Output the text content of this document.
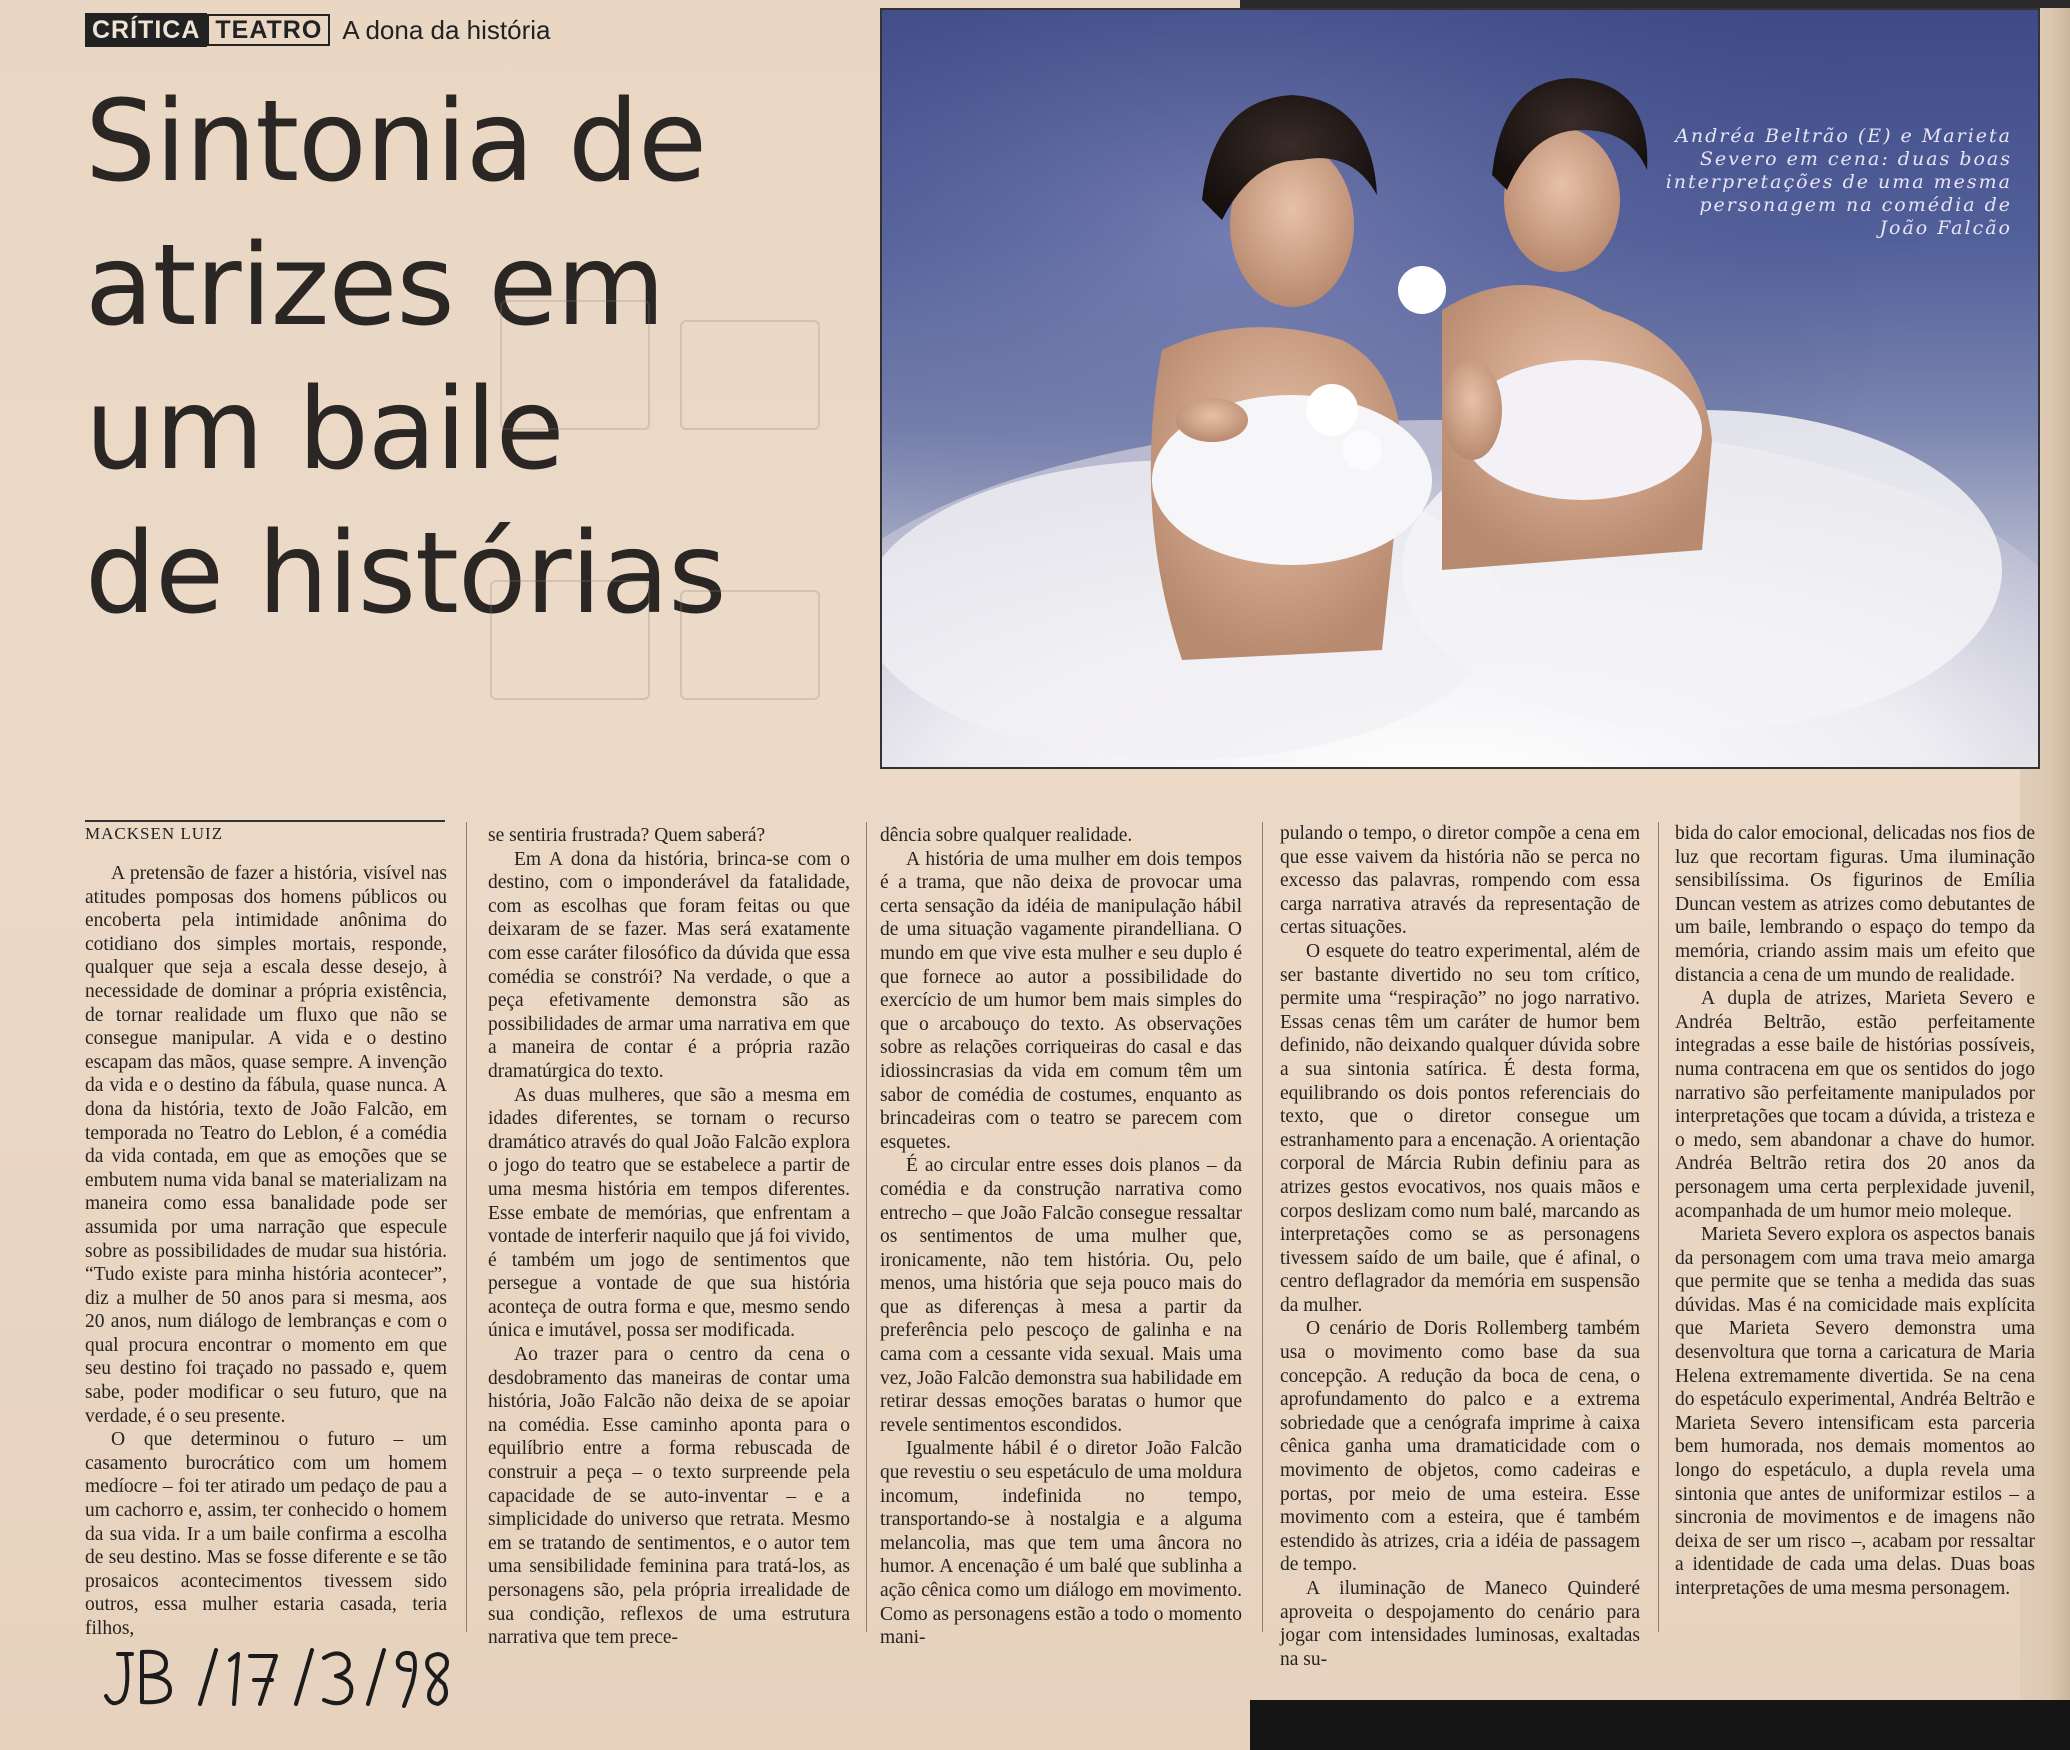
CRÍTICA TEATRO A dona da história
Sintonia de
atrizes em
um baile
de histórias
Andréa Beltrão (E) e Marieta Severo em cena: duas boas interpretações de uma mesma personagem na comédia de João Falcão
MACKSEN LUIZ

A pretensão de fazer a história, visível nas atitudes pomposas dos homens públicos ou encoberta pela intimidade anônima do cotidiano dos simples mortais, responde, qualquer que seja a escala desse desejo, à necessidade de dominar a própria existência, de tornar realidade um fluxo que não se consegue manipular. A vida e o destino escapam das mãos, quase sempre. A invenção da vida e o destino da fábula, quase nunca. A dona da história, texto de João Falcão, em temporada no Teatro do Leblon, é a comédia da vida contada, em que as emoções que se embutem numa vida banal se materializam na maneira como essa banalidade pode ser assumida por uma narração que especule sobre as possibilidades de mudar sua história. “Tudo existe para minha história acontecer”, diz a mulher de 50 anos para si mesma, aos 20 anos, num diálogo de lembranças e com o qual procura encontrar o momento em que seu destino foi traçado no passado e, quem sabe, poder modificar o seu futuro, que na verdade, é o seu presente.

O que determinou o futuro – um casamento burocrático com um homem medíocre – foi ter atirado um pedaço de pau a um cachorro e, assim, ter conhecido o homem da sua vida. Ir a um baile confirma a escolha de seu destino. Mas se fosse diferente e se tão prosaicos acontecimentos tivessem sido outros, essa mulher estaria casada, teria filhos,

se sentiria frustrada? Quem saberá?

Em A dona da história, brinca-se com o destino, com o imponderável da fatalidade, com as escolhas que foram feitas ou que deixaram de se fazer. Mas será exatamente com esse caráter filosófico da dúvida que essa comédia se constrói? Na verdade, o que a peça efetivamente demonstra são as possibilidades de armar uma narrativa em que a maneira de contar é a própria razão dramatúrgica do texto.

As duas mulheres, que são a mesma em idades diferentes, se tornam o recurso dramático através do qual João Falcão explora o jogo do teatro que se estabelece a partir de uma mesma história em tempos diferentes. Esse embate de memórias, que enfrentam a vontade de interferir naquilo que já foi vivido, é também um jogo de sentimentos que persegue a vontade de que sua história aconteça de outra forma e que, mesmo sendo única e imutável, possa ser modificada.

Ao trazer para o centro da cena o desdobramento das maneiras de contar uma história, João Falcão não deixa de se apoiar na comédia. Esse caminho aponta para o equilíbrio entre a forma rebuscada de construir a peça – o texto surpreende pela capacidade de se auto-inventar – e a simplicidade do universo que retrata. Mesmo em se tratando de sentimentos, e o autor tem uma sensibilidade feminina para tratá-los, as personagens são, pela própria irrealidade de sua condição, reflexos de uma estrutura narrativa que tem prece-

dência sobre qualquer realidade.

A história de uma mulher em dois tempos é a trama, que não deixa de provocar uma certa sensação da idéia de manipulação hábil de uma situação vagamente pirandelliana. O mundo em que vive esta mulher e seu duplo é que fornece ao autor a possibilidade do exercício de um humor bem mais simples do que o arcabouço do texto. As observações sobre as relações corriqueiras do casal e das idiossincrasias da vida em comum têm um sabor de comédia de costumes, enquanto as brincadeiras com o teatro se parecem com esquetes.

É ao circular entre esses dois planos – da comédia e da construção narrativa como entrecho – que João Falcão consegue ressaltar os sentimentos de uma mulher que, ironicamente, não tem história. Ou, pelo menos, uma história que seja pouco mais do que as diferenças à mesa a partir da preferência pelo pescoço de galinha e na cama com a cessante vida sexual. Mais uma vez, João Falcão demonstra sua habilidade em retirar dessas emoções baratas o humor que revele sentimentos escondidos.

Igualmente hábil é o diretor João Falcão que revestiu o seu espetáculo de uma moldura incomum, indefinida no tempo, transportando-se à nostalgia e a alguma melancolia, mas que tem uma âncora no humor. A encenação é um balé que sublinha a ação cênica como um diálogo em movimento. Como as personagens estão a todo o momento mani-

pulando o tempo, o diretor compõe a cena em que esse vaivem da história não se perca no excesso das palavras, rompendo com essa carga narrativa através da representação de certas situações.

O esquete do teatro experimental, além de ser bastante divertido no seu tom crítico, permite uma “respiração” no jogo narrativo. Essas cenas têm um caráter de humor bem definido, não deixando qualquer dúvida sobre a sua sintonia satírica. É desta forma, equilibrando os dois pontos referenciais do texto, que o diretor consegue um estranhamento para a encenação. A orientação corporal de Márcia Rubin definiu para as atrizes gestos evocativos, nos quais mãos e corpos deslizam como num balé, marcando as interpretações como se as personagens tivessem saído de um baile, que é afinal, o centro deflagrador da memória em suspensão da mulher.

O cenário de Doris Rollemberg também usa o movimento como base da sua concepção. A redução da boca de cena, o aprofundamento do palco e a extrema sobriedade que a cenógrafa imprime à caixa cênica ganha uma dramaticidade com o movimento de objetos, como cadeiras e portas, por meio de uma esteira. Esse movimento com a esteira, que é também estendido às atrizes, cria a idéia de passagem de tempo.

A iluminação de Maneco Quinderé aproveita o despojamento do cenário para jogar com intensidades luminosas, exaltadas na su-

bida do calor emocional, delicadas nos fios de luz que recortam figuras. Uma iluminação sensibilíssima. Os figurinos de Emília Duncan vestem as atrizes como debutantes de um baile, lembrando o espaço do tempo da memória, criando assim mais um efeito que distancia a cena de um mundo de realidade.

A dupla de atrizes, Marieta Severo e Andréa Beltrão, estão perfeitamente integradas a esse baile de histórias possíveis, numa contracena em que os sentidos do jogo narrativo são perfeitamente manipulados por interpretações que tocam a dúvida, a tristeza e o medo, sem abandonar a chave do humor. Andréa Beltrão retira dos 20 anos da personagem uma certa perplexidade juvenil, acompanhada de um humor meio moleque.

Marieta Severo explora os aspectos banais da personagem com uma trava meio amarga que permite que se tenha a medida das suas dúvidas. Mas é na comicidade mais explícita que Marieta Severo demonstra uma desenvoltura que torna a caricatura de Maria Helena extremamente divertida. Se na cena do espetáculo experimental, Andréa Beltrão e Marieta Severo intensificam esta parceria bem humorada, nos demais momentos ao longo do espetáculo, a dupla revela uma sintonia que antes de uniformizar estilos – a sincronia de movimentos e de imagens não deixa de ser um risco –, acabam por ressaltar a identidade de cada uma delas. Duas boas interpretações de uma mesma personagem.
